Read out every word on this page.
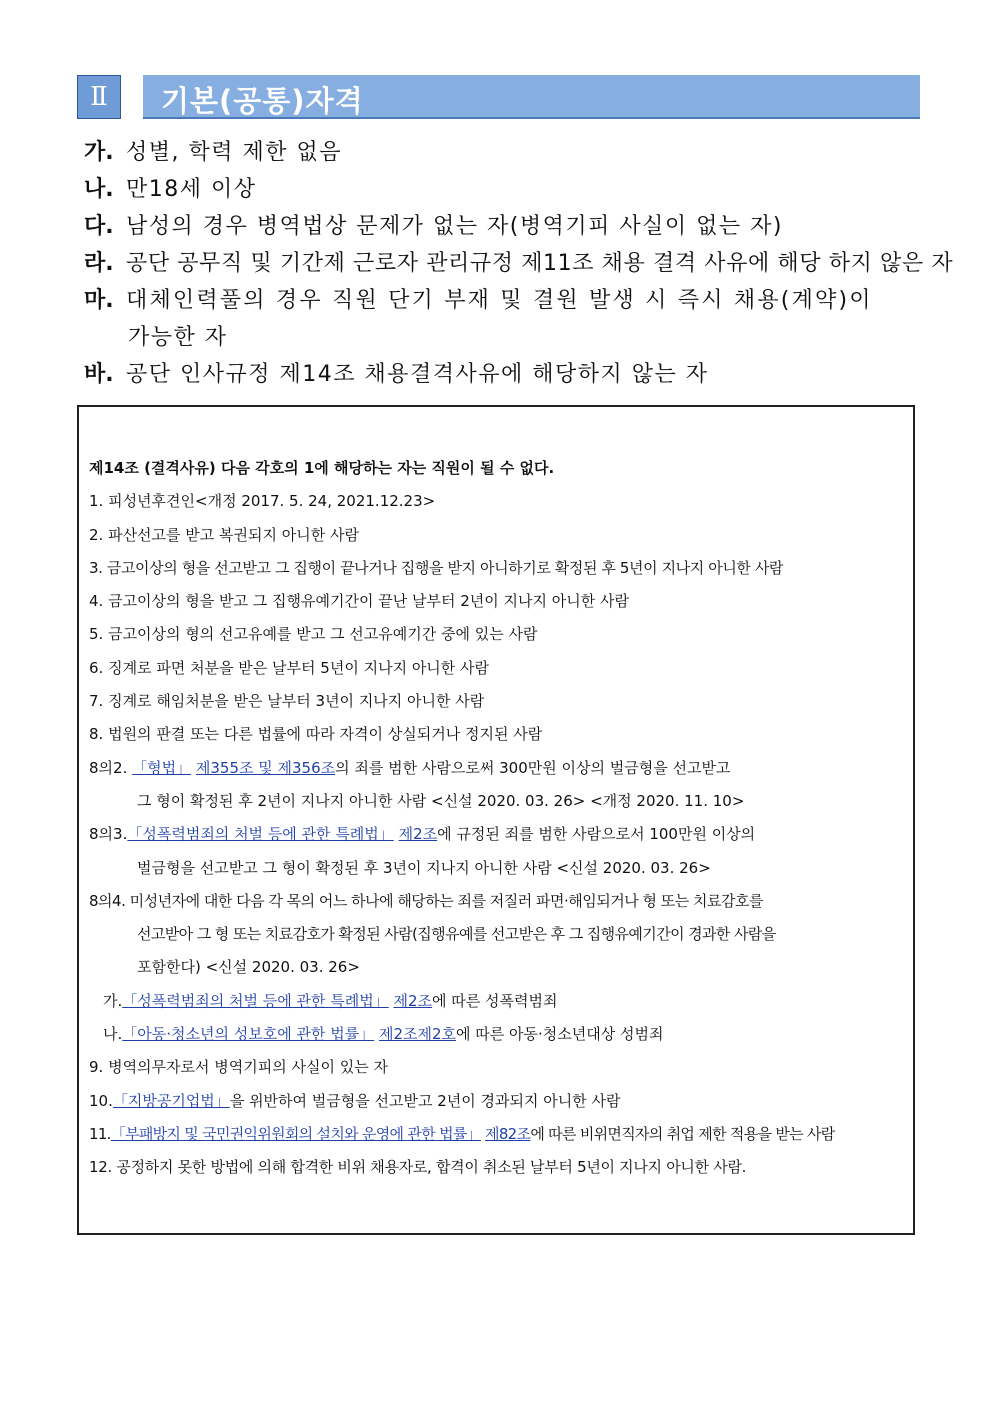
Ⅱ	기본(공통)자격
가. 성별, 학력 제한 없음
나. 만18세 이상
다. 남성의 경우 병역법상 문제가 없는 자(병역기피 사실이 없는 자)
라. 공단 공무직 및 기간제 근로자 관리규정 제11조 채용 결격 사유에 해당 하지 않은 자
마. 대체인력풀의 경우 직원 단기 부재 및 결원 발생 시 즉시 채용(계약)이
가능한 자
바. 공단 인사규정 제14조 채용결격사유에 해당하지 않는 자
제14조 (결격사유) 다음 각호의 1에 해당하는 자는 직원이 될 수 없다.
1. 피성년후견인<개정 2017. 5. 24, 2021.12.23>
2. 파산선고를 받고 복권되지 아니한 사람
3. 금고이상의 형을 선고받고 그 집행이 끝나거나 집행을 받지 아니하기로 확정된 후 5년이 지나지 아니한 사람
4. 금고이상의 형을 받고 그 집행유예기간이 끝난 날부터 2년이 지나지 아니한 사람
5. 금고이상의 형의 선고유예를 받고 그 선고유예기간 중에 있는 사람
6. 징계로 파면 처분을 받은 날부터 5년이 지나지 아니한 사람
7. 징계로 해임처분을 받은 날부터 3년이 지나지 아니한 사람
8. 법원의 판결 또는 다른 법률에 따라 자격이 상실되거나 정지된 사람
8의2. 「형법」 제355조 및 제356조의 죄를 범한 사람으로써 300만원 이상의 벌금형을 선고받고
그 형이 확정된 후 2년이 지나지 아니한 사람 <신설 2020. 03. 26> <개정 2020. 11. 10>
8의3.「성폭력범죄의 처벌 등에 관한 특례법」 제2조에 규정된 죄를 범한 사람으로서 100만원 이상의
벌금형을 선고받고 그 형이 확정된 후 3년이 지나지 아니한 사람 <신설 2020. 03. 26>
8의4. 미성년자에 대한 다음 각 목의 어느 하나에 해당하는 죄를 저질러 파면·해임되거나 형 또는 치료감호를
선고받아 그 형 또는 치료감호가 확정된 사람(집행유예를 선고받은 후 그 집행유예기간이 경과한 사람을
포함한다) <신설 2020. 03. 26>
가.「성폭력범죄의 처벌 등에 관한 특례법」 제2조에 따른 성폭력범죄
나.「아동·청소년의 성보호에 관한 법률」 제2조제2호에 따른 아동·청소년대상 성범죄
9. 병역의무자로서 병역기피의 사실이 있는 자
10.「지방공기업법」을 위반하여 벌금형을 선고받고 2년이 경과되지 아니한 사람
11.「부패방지 및 국민권익위원회의 설치와 운영에 관한 법률」 제82조에 따른 비위면직자의 취업 제한 적용을 받는 사람
12. 공정하지 못한 방법에 의해 합격한 비위 채용자로, 합격이 취소된 날부터 5년이 지나지 아니한 사람.
